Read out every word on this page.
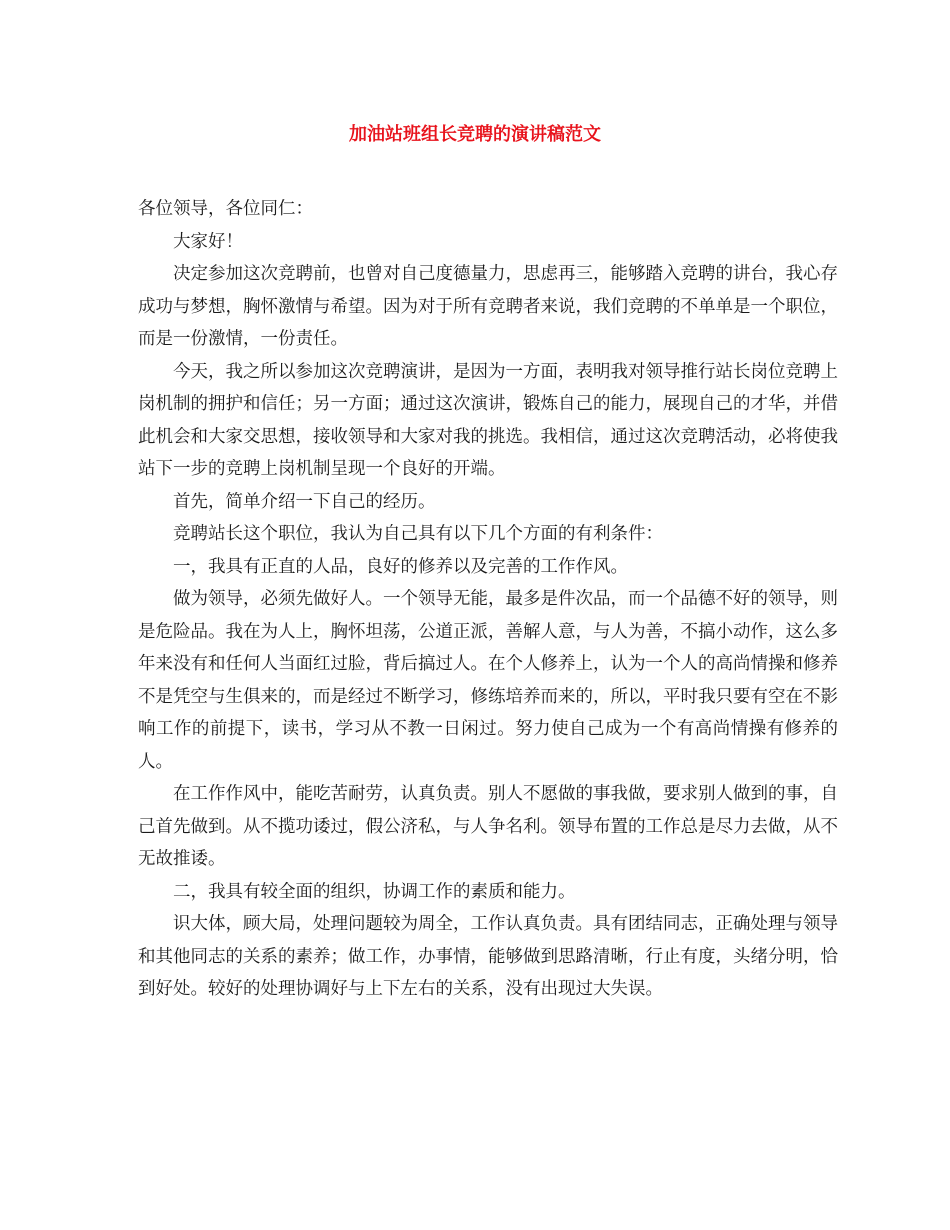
加油站班组长竞聘的演讲稿范文

各位领导，各位同仁：

大家好！

决定参加这次竞聘前，也曾对自己度德量力，思虑再三，能够踏入竞聘的讲台，我心存成功与梦想，胸怀激情与希望。因为对于所有竞聘者来说，我们竞聘的不单单是一个职位，而是一份激情，一份责任。

今天，我之所以参加这次竞聘演讲，是因为一方面，表明我对领导推行站长岗位竞聘上岗机制的拥护和信任；另一方面；通过这次演讲，锻炼自己的能力，展现自己的才华，并借此机会和大家交思想，接收领导和大家对我的挑选。我相信，通过这次竞聘活动，必将使我站下一步的竞聘上岗机制呈现一个良好的开端。

首先，简单介绍一下自己的经历。

竞聘站长这个职位，我认为自己具有以下几个方面的有利条件：

一，我具有正直的人品，良好的修养以及完善的工作作风。

做为领导，必须先做好人。一个领导无能，最多是件次品，而一个品德不好的领导，则是危险品。我在为人上，胸怀坦荡，公道正派，善解人意，与人为善，不搞小动作，这么多年来没有和任何人当面红过脸，背后搞过人。在个人修养上，认为一个人的高尚情操和修养不是凭空与生俱来的，而是经过不断学习，修练培养而来的，所以，平时我只要有空在不影响工作的前提下，读书，学习从不教一日闲过。努力使自己成为一个有高尚情操有修养的人。

在工作作风中，能吃苦耐劳，认真负责。别人不愿做的事我做，要求别人做到的事，自己首先做到。从不揽功诿过，假公济私，与人争名利。领导布置的工作总是尽力去做，从不无故推诿。

二，我具有较全面的组织，协调工作的素质和能力。

识大体，顾大局，处理问题较为周全，工作认真负责。具有团结同志，正确处理与领导和其他同志的关系的素养；做工作，办事情，能够做到思路清晰，行止有度，头绪分明，恰到好处。较好的处理协调好与上下左右的关系，没有出现过大失误。
